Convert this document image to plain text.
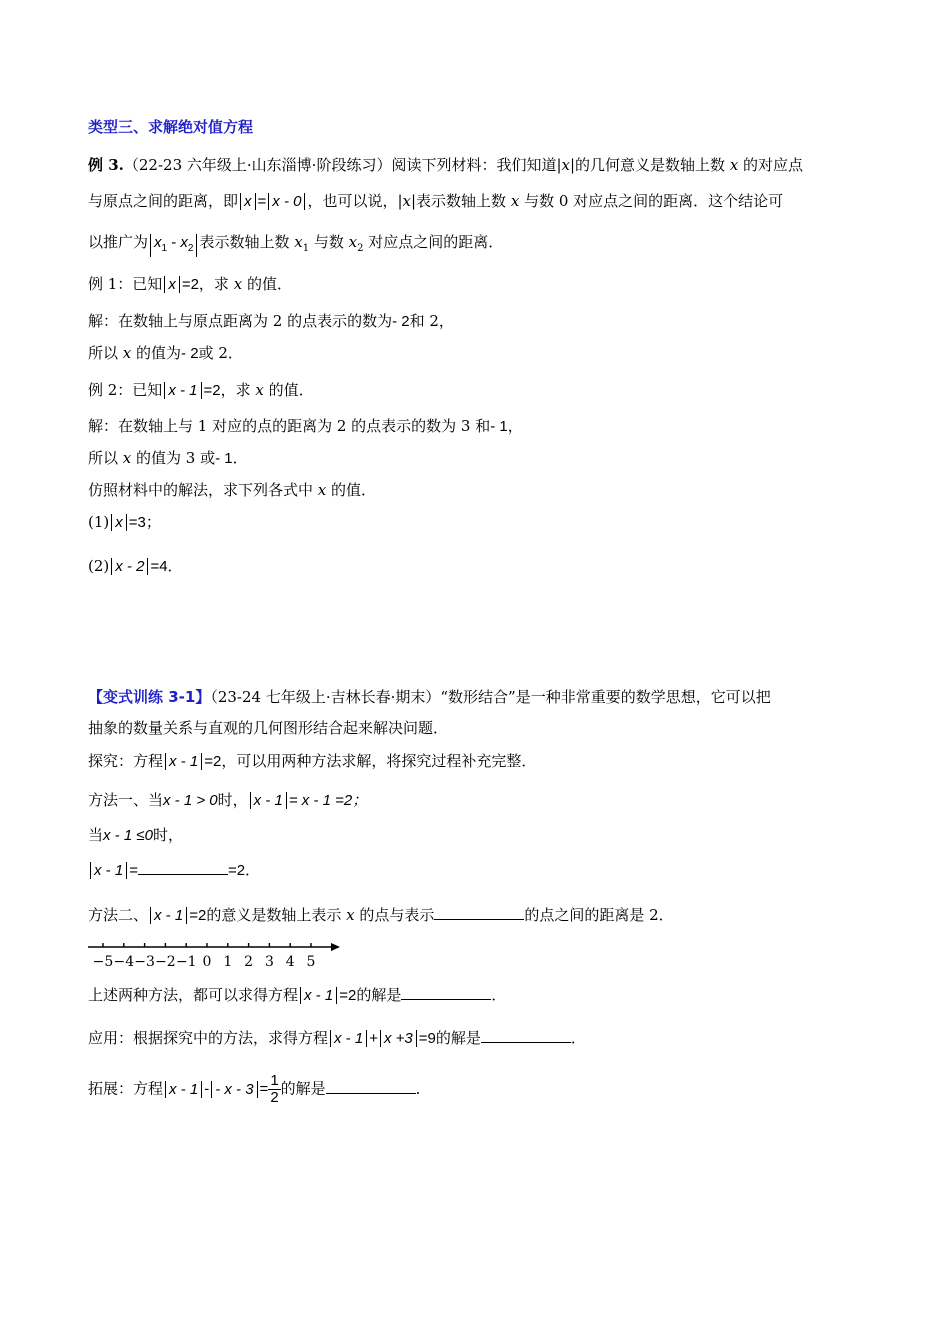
类型三、求解绝对值方程
例 3.（22-23 六年级上·山东淄博·阶段练习）阅读下列材料：我们知道|x|的几何意义是数轴上数 x 的对应点
与原点之间的距离，即 x = x - 0 ，也可以说，|x|表示数轴上数 x 与数 0 对应点之间的距离．这个结论可
以推广为 $x_1 - x_2$ 表示数轴上数 $x_1$ 与数 $x_2$ 对应点之间的距离．
例 1：已知 x =2，求 x 的值．
解：在数轴上与原点距离为 2 的点表示的数为- 2和 2，
所以 x 的值为- 2或 2．
例 2：已知 x - 1 =2，求 x 的值．
解：在数轴上与 1 对应的点的距离为 2 的点表示的数为 3 和- 1，
所以 x 的值为 3 或- 1．
仿照材料中的解法，求下列各式中 x 的值．
(1) x =3；
(2) x - 2 =4．
【变式训练 3-1】（23-24 七年级上·吉林长春·期末）“数形结合”是一种非常重要的数学思想，它可以把
抽象的数量关系与直观的几何图形结合起来解决问题．
探究：方程 x - 1 =2，可以用两种方法求解，将探究过程补充完整．
方法一、当x - 1 > 0时， x - 1 = x - 1 =2；
当x - 1 ≤0时，
x - 1 =	=2．
方法二、 x - 1 =2的意义是数轴上表示 x 的点与表示	的点之间的距离是 2．
−5 −4 −3 −2 −1 0 1 2 3 4 5
上述两种方法，都可以求得方程 x - 1 =2的解是	．
应用：根据探究中的方法，求得方程 x - 1 + x +3 =9的解是	．
拓展：方程 x - 1 - - $x - 3 = \frac{1}{2}$ 的解是	．
